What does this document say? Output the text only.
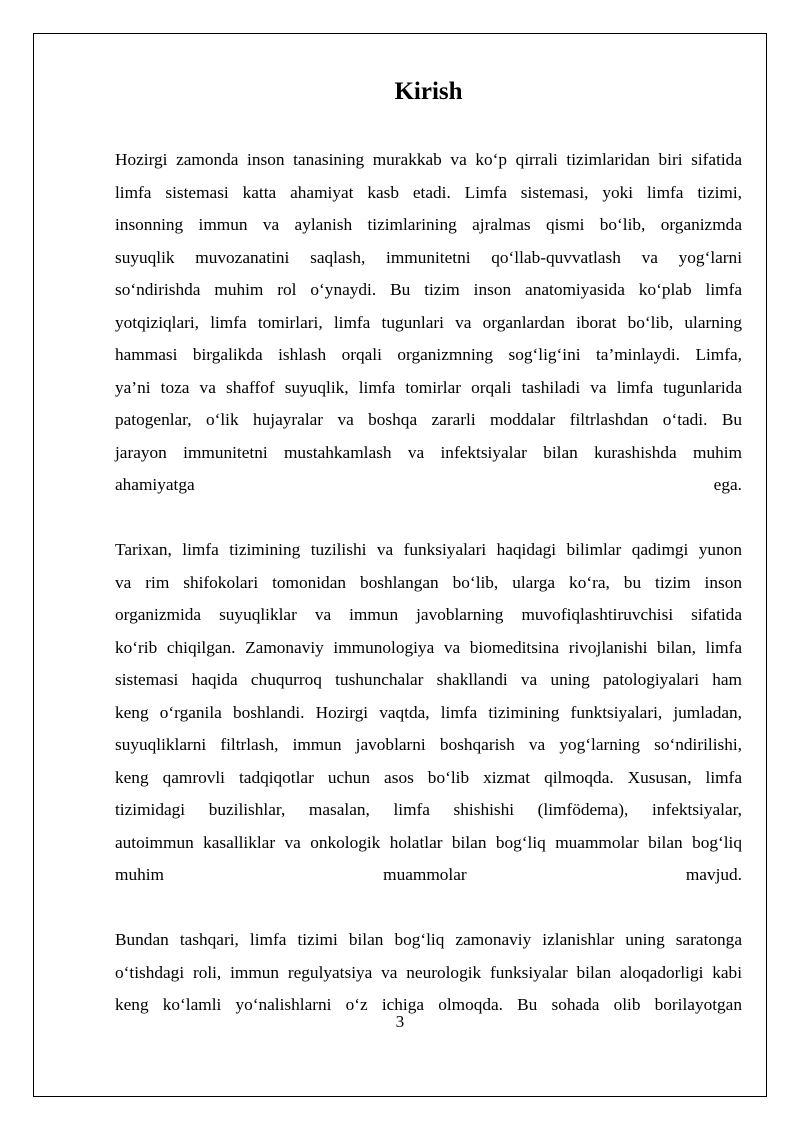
Kirish
Hozirgi zamonda inson tanasining murakkab va ko‘p qirrali tizimlaridan biri sifatida
limfa sistemasi katta ahamiyat kasb etadi. Limfa sistemasi, yoki limfa tizimi,
insonning immun va aylanish tizimlarining ajralmas qismi bo‘lib, organizmda
suyuqlik muvozanatini saqlash, immunitetni qo‘llab-quvvatlash va yog‘larni
so‘ndirishda muhim rol o‘ynaydi. Bu tizim inson anatomiyasida ko‘plab limfa
yotqiziqlari, limfa tomirlari, limfa tugunlari va organlardan iborat bo‘lib, ularning
hammasi birgalikda ishlash orqali organizmning sog‘lig‘ini ta’minlaydi. Limfa,
ya’ni toza va shaffof suyuqlik, limfa tomirlar orqali tashiladi va limfa tugunlarida
patogenlar, o‘lik hujayralar va boshqa zararli moddalar filtrlashdan o‘tadi. Bu
jarayon immunitetni mustahkamlash va infektsiyalar bilan kurashishda muhim
ahamiyatga ega.
Tarixan, limfa tizimining tuzilishi va funksiyalari haqidagi bilimlar qadimgi yunon
va rim shifokolari tomonidan boshlangan bo‘lib, ularga ko‘ra, bu tizim inson
organizmida suyuqliklar va immun javoblarning muvofiqlashtiruvchisi sifatida
ko‘rib chiqilgan. Zamonaviy immunologiya va biomeditsina rivojlanishi bilan, limfa
sistemasi haqida chuqurroq tushunchalar shakllandi va uning patologiyalari ham
keng o‘rganila boshlandi. Hozirgi vaqtda, limfa tizimining funktsiyalari, jumladan,
suyuqliklarni filtrlash, immun javoblarni boshqarish va yog‘larning so‘ndirilishi,
keng qamrovli tadqiqotlar uchun asos bo‘lib xizmat qilmoqda. Xususan, limfa
tizimidagi buzilishlar, masalan, limfa shishishi (limfödema), infektsiyalar,
autoimmun kasalliklar va onkologik holatlar bilan bog‘liq muammolar bilan bog‘liq
muhim muammolar mavjud.
Bundan tashqari, limfa tizimi bilan bog‘liq zamonaviy izlanishlar uning saratonga
o‘tishdagi roli, immun regulyatsiya va neurologik funksiyalar bilan aloqadorligi kabi
keng ko‘lamli yo‘nalishlarni o‘z ichiga olmoqda. Bu sohada olib borilayotgan
3
